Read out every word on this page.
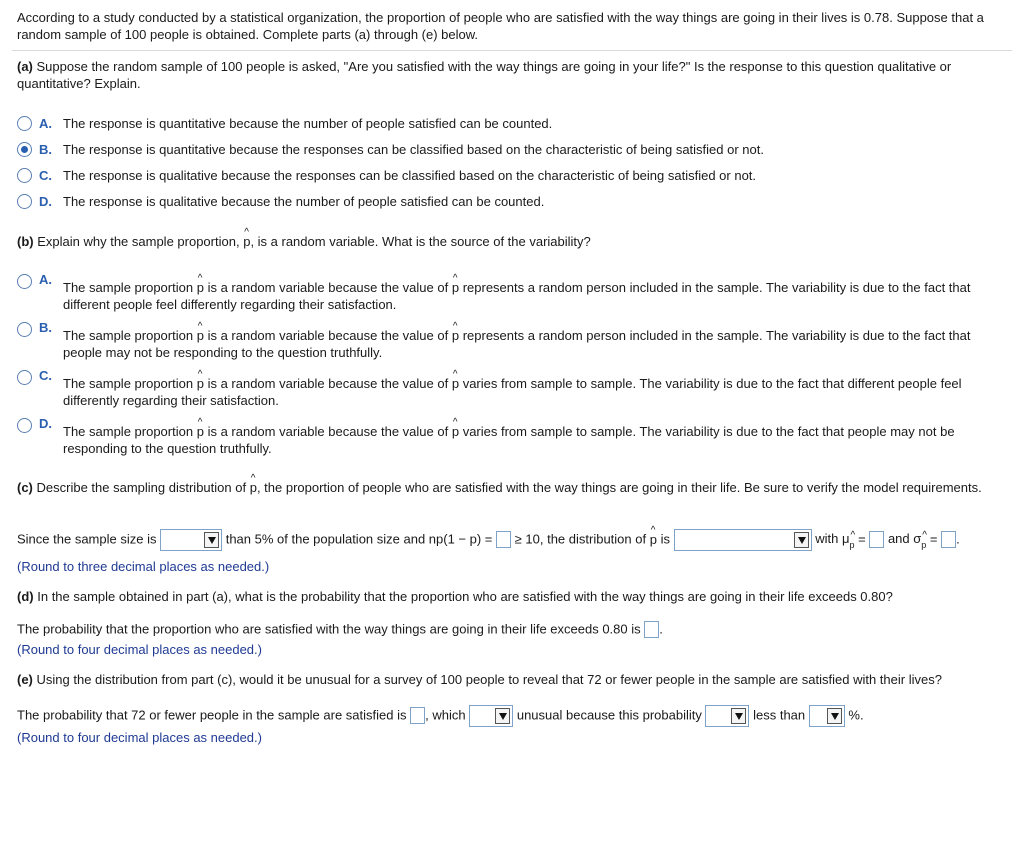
According to a study conducted by a statistical organization, the proportion of people who are satisfied with the way things are going in their lives is 0.78. Suppose that a random sample of 100 people is obtained. Complete parts (a) through (e) below.
(a) Suppose the random sample of 100 people is asked, "Are you satisfied with the way things are going in your life?" Is the response to this question qualitative or quantitative? Explain.
A. The response is quantitative because the number of people satisfied can be counted.
B. The response is quantitative because the responses can be classified based on the characteristic of being satisfied or not.
C. The response is qualitative because the responses can be classified based on the characteristic of being satisfied or not.
D. The response is qualitative because the number of people satisfied can be counted.
(b) Explain why the sample proportion, ^ p, is a random variable. What is the source of the variability?
A.
The sample proportion ^ p is a random variable because the value of ^ p represents a random person included in the sample. The variability is due to the fact that different people feel differently regarding their satisfaction.
B.
The sample proportion ^ p is a random variable because the value of ^ p represents a random person included in the sample. The variability is due to the fact that people may not be responding to the question truthfully.
C.
The sample proportion ^ p is a random variable because the value of ^ p varies from sample to sample. The variability is due to the fact that different people feel differently regarding their satisfaction.
D.
The sample proportion ^ p is a random variable because the value of ^ p varies from sample to sample. The variability is due to the fact that people may not be responding to the question truthfully.
(c) Describe the sampling distribution of ^ p, the proportion of people who are satisfied with the way things are going in their life. Be sure to verify the model requirements.
Since the sample size is	than 5% of the population size and np(1 − p) = ≥ 10, the distribution of ^ p is	with μ^ p = and σ^ p = .
(Round to three decimal places as needed.)
(d) In the sample obtained in part (a), what is the probability that the proportion who are satisfied with the way things are going in their life exceeds 0.80?
The probability that the proportion who are satisfied with the way things are going in their life exceeds 0.80 is .
(Round to four decimal places as needed.)
(e) Using the distribution from part (c), would it be unusual for a survey of 100 people to reveal that 72 or fewer people in the sample are satisfied with their lives?
The probability that 72 or fewer people in the sample are satisfied is , which	unusual because this probability	less than	%.
(Round to four decimal places as needed.)
